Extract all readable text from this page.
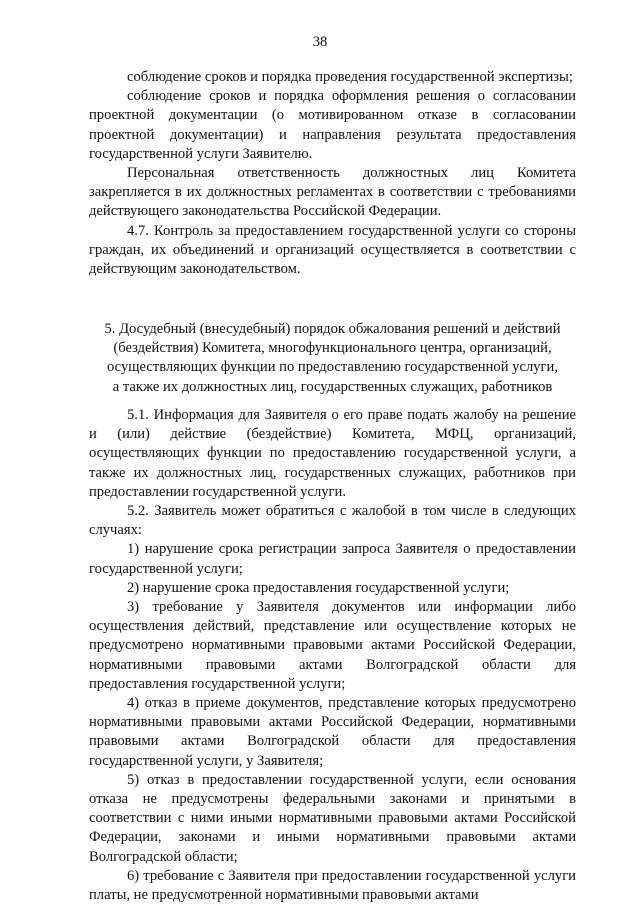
38

соблюдение сроков и порядка проведения государственной экспертизы;

соблюдение сроков и порядка оформления решения о согласовании проектной документации (о мотивированном отказе в согласовании проектной документации) и направления результата предоставления государственной услуги Заявителю.

Персональная ответственность должностных лиц Комитета закрепляется в их должностных регламентах в соответствии с требованиями действующего законодательства Российской Федерации.

4.7. Контроль за предоставлением государственной услуги со стороны граждан, их объединений и организаций осуществляется в соответствии с действующим законодательством.

5. Досудебный (внесудебный) порядок обжалования решений и действий
(бездействия) Комитета, многофункционального центра, организаций,
осуществляющих функции по предоставлению государственной услуги,
а также их должностных лиц, государственных служащих, работников

5.1. Информация для Заявителя о его праве подать жалобу на решение и (или) действие (бездействие) Комитета, МФЦ, организаций, осуществляющих функции по предоставлению государственной услуги, а также их должностных лиц, государственных служащих, работников при предоставлении государственной услуги.

5.2. Заявитель может обратиться с жалобой в том числе в следующих случаях:

1) нарушение срока регистрации запроса Заявителя о предоставлении государственной услуги;

2) нарушение срока предоставления государственной услуги;

3) требование у Заявителя документов или информации либо осуществления действий, представление или осуществление которых не предусмотрено нормативными правовыми актами Российской Федерации, нормативными правовыми актами Волгоградской области для предоставления государственной услуги;

4) отказ в приеме документов, представление которых предусмотрено нормативными правовыми актами Российской Федерации, нормативными правовыми актами Волгоградской области для предоставления государственной услуги, у Заявителя;

5) отказ в предоставлении государственной услуги, если основания отказа не предусмотрены федеральными законами и принятыми в соответствии с ними иными нормативными правовыми актами Российской Федерации, законами и иными нормативными правовыми актами Волгоградской области;

6) требование с Заявителя при предоставлении государственной услуги платы, не предусмотренной нормативными правовыми актами
